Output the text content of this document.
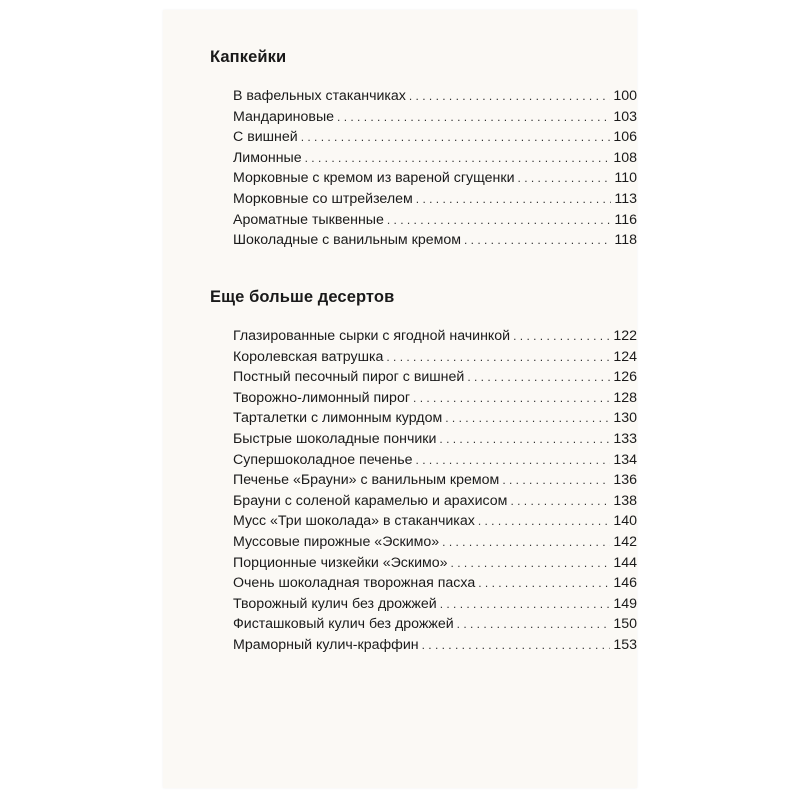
Капкейки
В вафельных стаканчиках . . .	100
Мандариновые . . .	103
С вишней . . .	106
Лимонные . . .	108
Морковные с кремом из вареной сгущенки . . .	110
Морковные со штрейзелем . . .	113
Ароматные тыквенные . . .	116
Шоколадные с ванильным кремом . . .	118
Еще больше десертов
Глазированные сырки с ягодной начинкой . . .	122
Королевская ватрушка . . .	124
Постный песочный пирог с вишней . . .	126
Творожно-лимонный пирог . . .	128
Тарталетки с лимонным курдом . . .	130
Быстрые шоколадные пончики . . .	133
Супершоколадное печенье . . .	134
Печенье «Брауни» с ванильным кремом . . .	136
Брауни с соленой карамелью и арахисом . . .	138
Мусс «Три шоколада» в стаканчиках . . .	140
Муссовые пирожные «Эскимо» . . .	142
Порционные чизкейки «Эскимо» . . .	144
Очень шоколадная творожная пасха . . .	146
Творожный кулич без дрожжей . . .	149
Фисташковый кулич без дрожжей . . .	150
Мраморный кулич-краффин . . .	153
